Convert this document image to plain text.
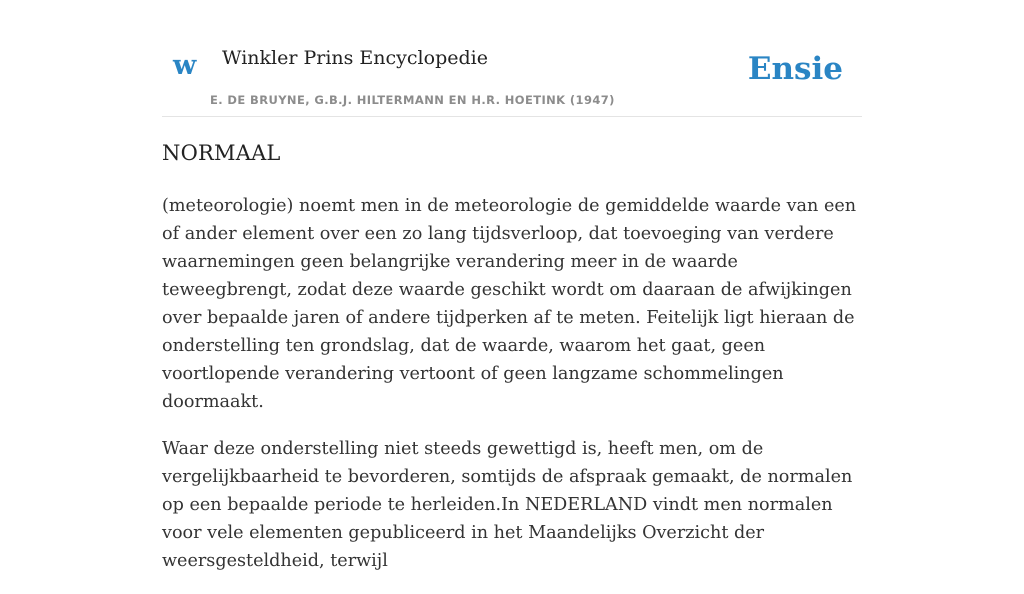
w Winkler Prins Encyclopedie
E. DE BRUYNE, G.B.J. HILTERMANN EN H.R. HOETINK (1947)
Ensie
NORMAAL

(meteorologie) noemt men in de meteorologie de gemiddelde waarde van een of ander element over een zo lang tijdsverloop, dat toevoeging van verdere waarnemingen geen belangrijke verandering meer in de waarde teweegbrengt, zodat deze waarde geschikt wordt om daaraan de afwijkingen over bepaalde jaren of andere tijdperken af te meten. Feitelijk ligt hieraan de onderstelling ten grondslag, dat de waarde, waarom het gaat, geen voortlopende verandering vertoont of geen langzame schommelingen doormaakt.

Waar deze onderstelling niet steeds gewettigd is, heeft men, om de vergelijkbaarheid te bevorderen, somtijds de afspraak gemaakt, de normalen op een bepaalde periode te herleiden.In NEDERLAND vindt men normalen voor vele elementen gepubliceerd in het Maandelijks Overzicht der weersgesteldheid, terwijl
